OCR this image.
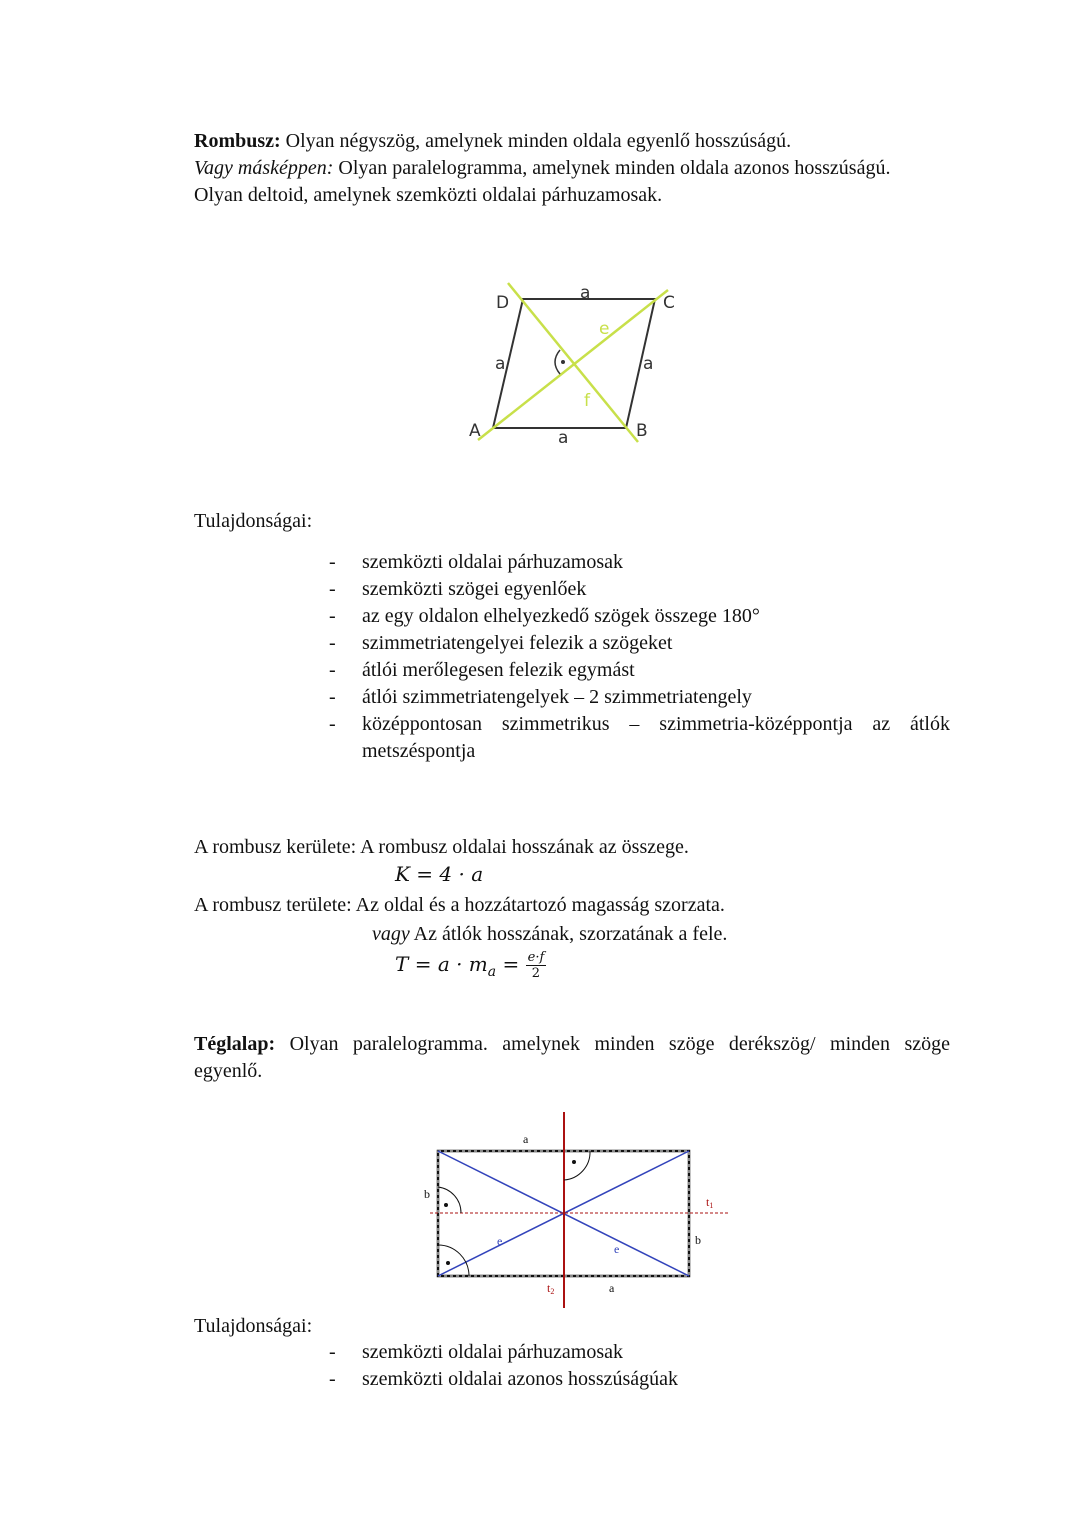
Rombusz: Olyan négyszög, amelynek minden oldala egyenlő hosszúságú.
Vagy másképpen: Olyan paralelogramma, amelynek minden oldala azonos hosszúságú.
Olyan deltoid, amelynek szemközti oldalai párhuzamosak.
D	C
A	B
a
a
a	a
e
f
Tulajdonságai:
- szemközti oldalai párhuzamosak
- szemközti szögei egyenlőek
- az egy oldalon elhelyezkedő szögek összege 180°
- szimmetriatengelyei felezik a szögeket
- átlói merőlegesen felezik egymást
- átlói szimmetriatengelyek – 2 szimmetriatengely
- középpontosan szimmetrikus – szimmetria-középpontja az átlók
metszéspontja
A rombusz kerülete: A rombusz oldalai hosszának az összege.
K = 4 · a
A rombusz területe: Az oldal és a hozzátartozó magasság szorzata.
vagy Az átlók hosszának, szorzatának a fele.
$T = a \cdot m_a = \frac{e\cdot f}{2}$
Téglalap: Olyan paralelogramma. amelynek minden szöge derékszög/ minden szöge
egyenlő.
a
a
b
b
e
e
t1
t2
Tulajdonságai:
- szemközti oldalai párhuzamosak
- szemközti oldalai azonos hosszúságúak
